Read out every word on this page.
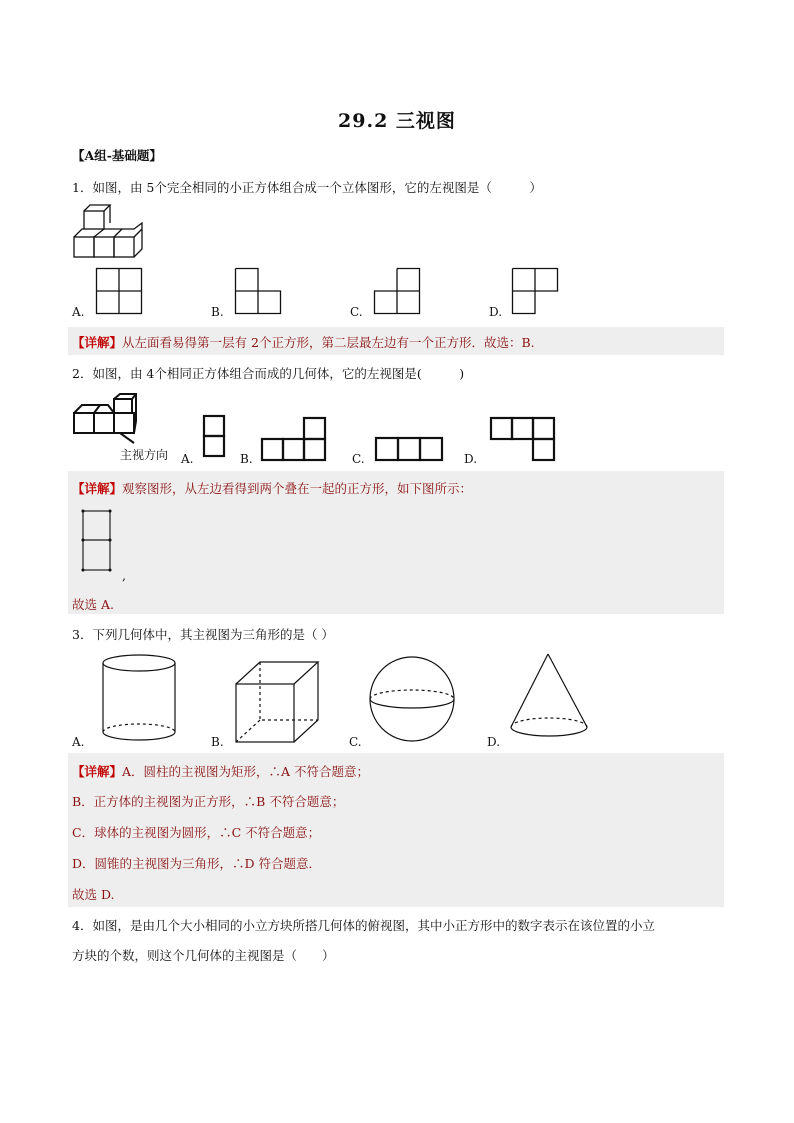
29.2 三视图
【A组-基础题】
1．如图，由 5个完全相同的小正方体组合成一个立体图形，它的左视图是（　　　）
A.	B.	C.	D.
【详解】从左面看易得第一层有 2个正方形，第二层最左边有一个正方形．故选：B.
2．如图，由 4个相同正方体组合而成的几何体，它的左视图是(　　　)
主视方向 A.	B.	C.	D.
【详解】观察图形，从左边看得到两个叠在一起的正方形，如下图所示：
,
故选 A.
3．下列几何体中，其主视图为三角形的是（ ）
A.	B.	C.	D.
【详解】A．圆柱的主视图为矩形，∴A 不符合题意；
B．正方体的主视图为正方形，∴B 不符合题意；
C．球体的主视图为圆形，∴C 不符合题意；
D．圆锥的主视图为三角形，∴D 符合题意．
故选 D.
4．如图，是由几个大小相同的小立方块所搭几何体的俯视图，其中小正方形中的数字表示在该位置的小立
方块的个数，则这个几何体的主视图是（　　）
